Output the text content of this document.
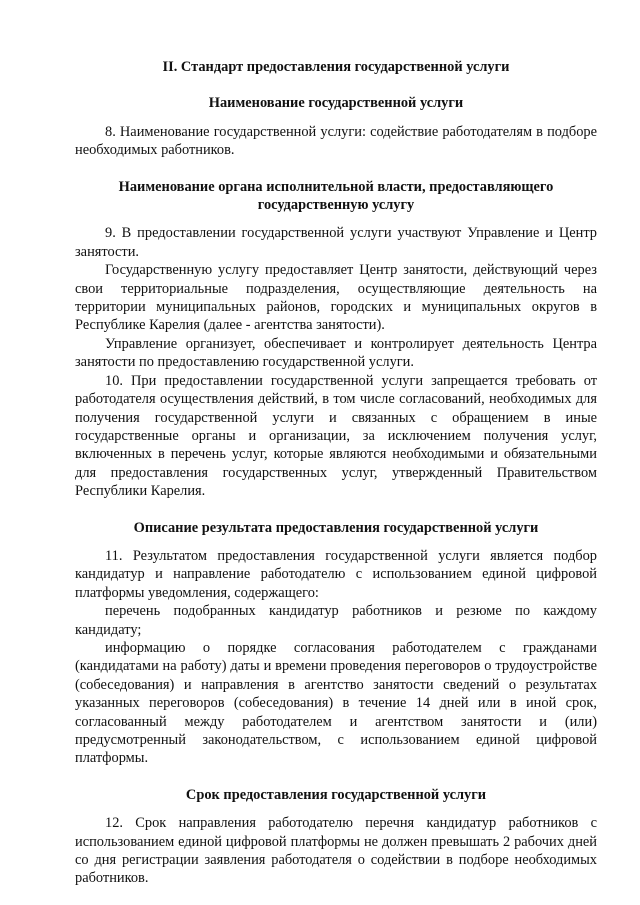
II. Стандарт предоставления государственной услуги

Наименование государственной услуги

8. Наименование государственной услуги: содействие работодателям в подборе необходимых работников.

Наименование органа исполнительной власти, предоставляющего государственную услугу

9. В предоставлении государственной услуги участвуют Управление и Центр занятости.

Государственную услугу предоставляет Центр занятости, действующий через свои территориальные подразделения, осуществляющие деятельность на территории муниципальных районов, городских и муниципальных округов в Республике Карелия (далее - агентства занятости).

Управление организует, обеспечивает и контролирует деятельность Центра занятости по предоставлению государственной услуги.

10. При предоставлении государственной услуги запрещается требовать от работодателя осуществления действий, в том числе согласований, необходимых для получения государственной услуги и связанных с обращением в иные государственные органы и организации, за исключением получения услуг, включенных в перечень услуг, которые являются необходимыми и обязательными для предоставления государственных услуг, утвержденный Правительством Республики Карелия.

Описание результата предоставления государственной услуги

11. Результатом предоставления государственной услуги является подбор кандидатур и направление работодателю с использованием единой цифровой платформы уведомления, содержащего:

перечень подобранных кандидатур работников и резюме по каждому кандидату;

информацию о порядке согласования работодателем с гражданами (кандидатами на работу) даты и времени проведения переговоров о трудоустройстве (собеседования) и направления в агентство занятости сведений о результатах указанных переговоров (собеседования) в течение 14 дней или в иной срок, согласованный между работодателем и агентством занятости и (или) предусмотренный законодательством, с использованием единой цифровой платформы.

Срок предоставления государственной услуги

12. Срок направления работодателю перечня кандидатур работников с использованием единой цифровой платформы не должен превышать 2 рабочих дней со дня регистрации заявления работодателя о содействии в подборе необходимых работников.
